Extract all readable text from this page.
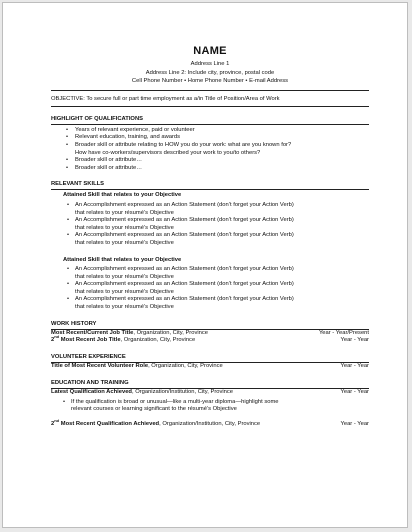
NAME
Address Line 1
Address Line 2: Include city, province, postal code
Cell Phone Number • Home Phone Number • E-mail Address
OBJECTIVE: To secure full or part time employment as a/in Title of Position/Area of Work
HIGHLIGHT OF QUALIFICATIONS
• Years of relevant experience, paid or volunteer
• Relevant education, training, and awards
• Broader skill or attribute relating to HOW you do your work: what are you known for?
How have co-workers/supervisors described your work to you/to others?
• Broader skill or attribute…
• Broader skill or attribute…
RELEVANT SKILLS
Attained Skill that relates to your Objective
• An Accomplishment expressed as an Action Statement (don’t forget your Action Verb)
that relates to your résumé’s Objective
• An Accomplishment expressed as an Action Statement (don’t forget your Action Verb)
that relates to your résumé’s Objective
• An Accomplishment expressed as an Action Statement (don’t forget your Action Verb)
that relates to your résumé’s Objective
Attained Skill that relates to your Objective
• An Accomplishment expressed as an Action Statement (don’t forget your Action Verb)
that relates to your résumé’s Objective
• An Accomplishment expressed as an Action Statement (don’t forget your Action Verb)
that relates to your résumé’s Objective
• An Accomplishment expressed as an Action Statement (don’t forget your Action Verb)
that relates to your résumé’s Objective
WORK HISTORY
Most Recent/Current Job Title, Organization, City, Province	Year - Year/Present
2nd Most Recent Job Title, Organization, City, Province	Year - Year
VOLUNTEER EXPERIENCE
Title of Most Recent Volunteer Role, Organization, City, Province	Year - Year
EDUCATION AND TRAINING
Latest Qualification Achieved, Organization/Institution, City, Province	Year - Year
• If the qualification is broad or unusual—like a multi-year diploma—highlight some
relevant courses or learning significant to the résumé’s Objective
2nd Most Recent Qualification Achieved, Organization/Institution, City, Province	Year - Year
